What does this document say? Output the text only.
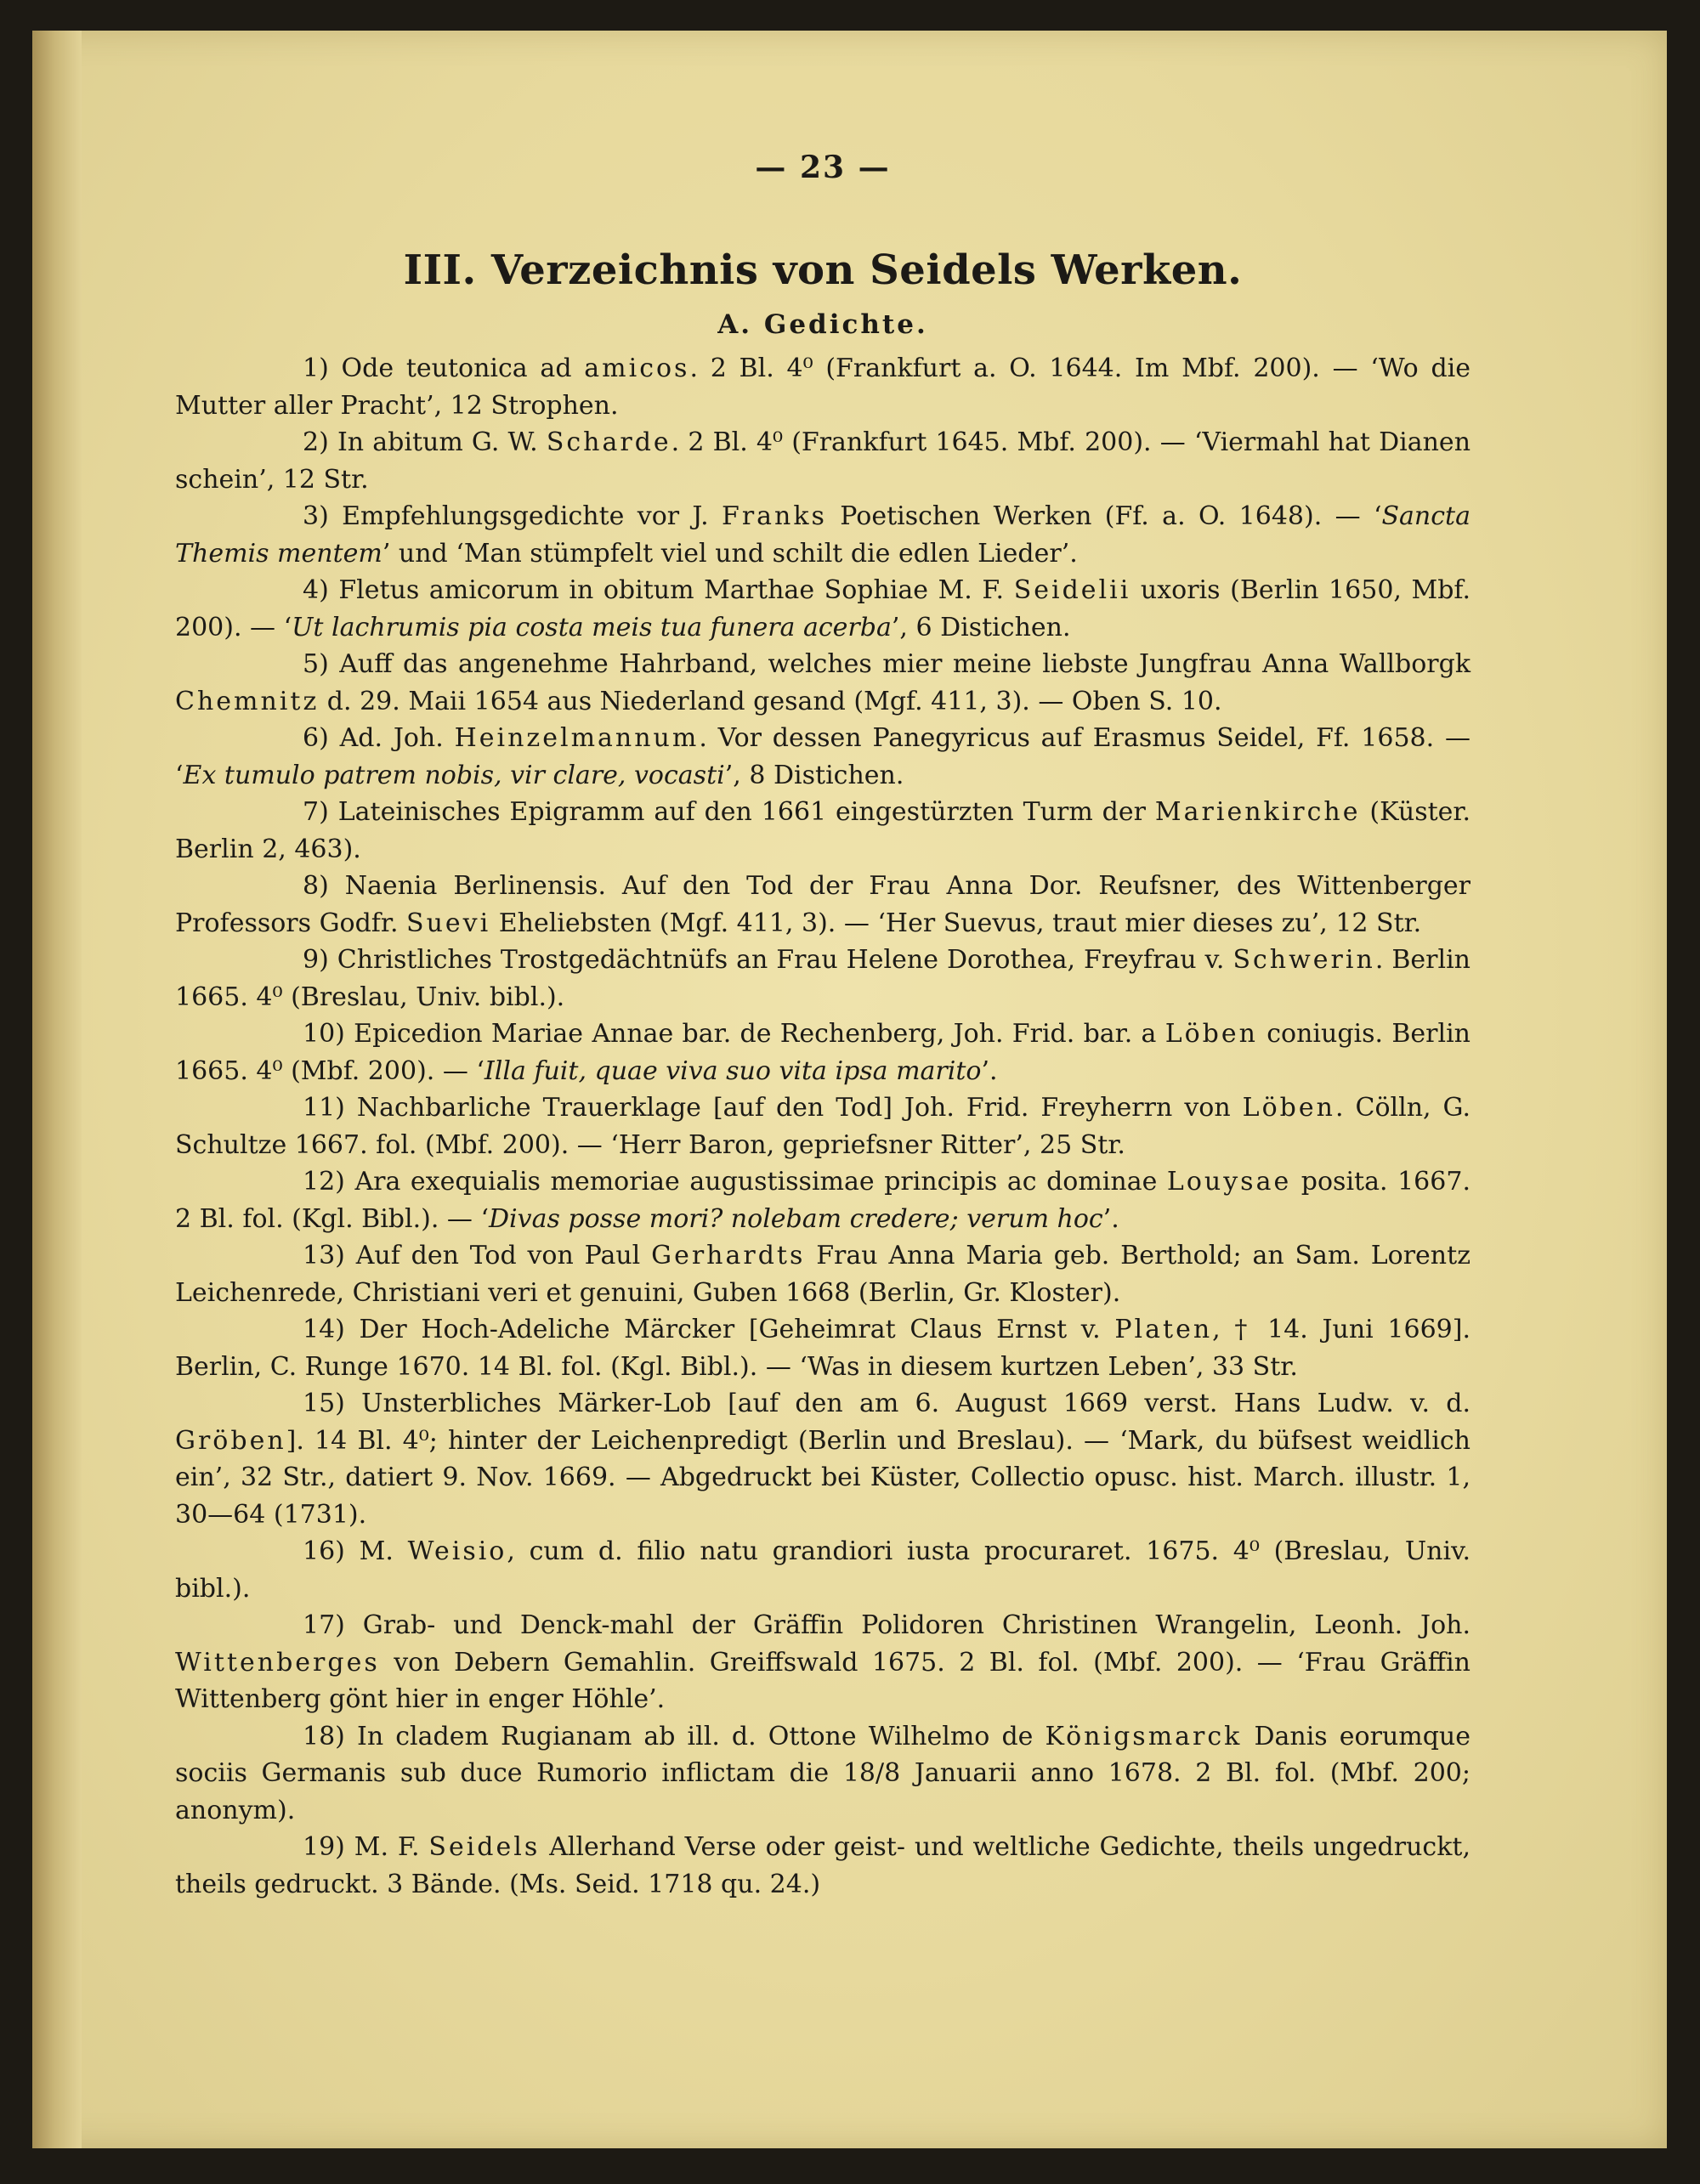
— 23 —
III. Verzeichnis von Seidels Werken.
A. Gedichte.

1) Ode teutonica ad amicos. 2 Bl. 4⁰ (Frankfurt a. O. 1644. Im Mbf. 200). — ‘Wo die Mutter aller Pracht’, 12 Strophen.

2) In abitum G. W. Scharde. 2 Bl. 4⁰ (Frankfurt 1645. Mbf. 200). — ‘Viermahl hat Dianen schein’, 12 Str.

3) Empfehlungsgedichte vor J. Franks Poetischen Werken (Ff. a. O. 1648). — ‘Sancta Themis mentem’ und ‘Man stümpfelt viel und schilt die edlen Lieder’.

4) Fletus amicorum in obitum Marthae Sophiae M. F. Seidelii uxoris (Berlin 1650, Mbf. 200). — ‘Ut lachrumis pia costa meis tua funera acerba’, 6 Distichen.

5) Auff das angenehme Hahrband, welches mier meine liebste Jungfrau Anna Wallborgk Chemnitz d. 29. Maii 1654 aus Niederland gesand (Mgf. 411, 3). — Oben S. 10.

6) Ad. Joh. Heinzelmannum. Vor dessen Panegyricus auf Erasmus Seidel, Ff. 1658. — ‘Ex tumulo patrem nobis, vir clare, vocasti’, 8 Distichen.

7) Lateinisches Epigramm auf den 1661 eingestürzten Turm der Marienkirche (Küster. Berlin 2, 463).

8) Naenia Berlinensis. Auf den Tod der Frau Anna Dor. Reufsner, des Wittenberger Professors Godfr. Suevi Eheliebsten (Mgf. 411, 3). — ‘Her Suevus, traut mier dieses zu’, 12 Str.

9) Christliches Trostgedächtnüfs an Frau Helene Dorothea, Freyfrau v. Schwerin. Berlin 1665. 4⁰ (Breslau, Univ. bibl.).

10) Epicedion Mariae Annae bar. de Rechenberg, Joh. Frid. bar. a Löben coniugis. Berlin 1665. 4⁰ (Mbf. 200). — ‘Illa fuit, quae viva suo vita ipsa marito’.

11) Nachbarliche Trauerklage [auf den Tod] Joh. Frid. Freyherrn von Löben. Cölln, G. Schultze 1667. fol. (Mbf. 200). — ‘Herr Baron, gepriefsner Ritter’, 25 Str.

12) Ara exequialis memoriae augustissimae principis ac dominae Louysae posita. 1667. 2 Bl. fol. (Kgl. Bibl.). — ‘Divas posse mori? nolebam credere; verum hoc’.

13) Auf den Tod von Paul Gerhardts Frau Anna Maria geb. Berthold; an Sam. Lorentz Leichenrede, Christiani veri et genuini, Guben 1668 (Berlin, Gr. Kloster).

14) Der Hoch-Adeliche Märcker [Geheimrat Claus Ernst v. Platen, † 14. Juni 1669]. Berlin, C. Runge 1670. 14 Bl. fol. (Kgl. Bibl.). — ‘Was in diesem kurtzen Leben’, 33 Str.

15) Unsterbliches Märker-Lob [auf den am 6. August 1669 verst. Hans Ludw. v. d. Gröben]. 14 Bl. 4⁰; hinter der Leichenpredigt (Berlin und Breslau). — ‘Mark, du büfsest weidlich ein’, 32 Str., datiert 9. Nov. 1669. — Abgedruckt bei Küster, Collectio opusc. hist. March. illustr. 1, 30—64 (1731).

16) M. Weisio, cum d. filio natu grandiori iusta procuraret. 1675. 4⁰ (Breslau, Univ. bibl.).

17) Grab- und Denck-mahl der Gräffin Polidoren Christinen Wrangelin, Leonh. Joh. Wittenberges von Debern Gemahlin. Greiffswald 1675. 2 Bl. fol. (Mbf. 200). — ‘Frau Gräffin Wittenberg gönt hier in enger Höhle’.

18) In cladem Rugianam ab ill. d. Ottone Wilhelmo de Königsmarck Danis eorumque sociis Germanis sub duce Rumorio inflictam die 18/8 Januarii anno 1678. 2 Bl. fol. (Mbf. 200; anonym).

19) M. F. Seidels Allerhand Verse oder geist- und weltliche Gedichte, theils ungedruckt, theils gedruckt. 3 Bände. (Ms. Seid. 1718 qu. 24.)
